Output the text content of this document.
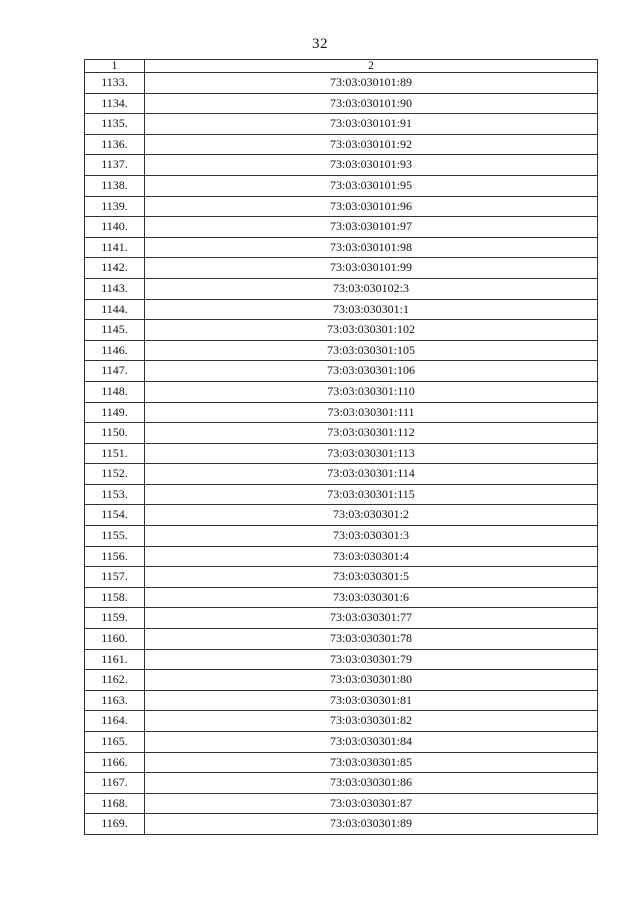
32
1	2
1133.	73:03:030101:89
1134.	73:03:030101:90
1135.	73:03:030101:91
1136.	73:03:030101:92
1137.	73:03:030101:93
1138.	73:03:030101:95
1139.	73:03:030101:96
1140.	73:03:030101:97
1141.	73:03:030101:98
1142.	73:03:030101:99
1143.	73:03:030102:3
1144.	73:03:030301:1
1145.	73:03:030301:102
1146.	73:03:030301:105
1147.	73:03:030301:106
1148.	73:03:030301:110
1149.	73:03:030301:111
1150.	73:03:030301:112
1151.	73:03:030301:113
1152.	73:03:030301:114
1153.	73:03:030301:115
1154.	73:03:030301:2
1155.	73:03:030301:3
1156.	73:03:030301:4
1157.	73:03:030301:5
1158.	73:03:030301:6
1159.	73:03:030301:77
1160.	73:03:030301:78
1161.	73:03:030301:79
1162.	73:03:030301:80
1163.	73:03:030301:81
1164.	73:03:030301:82
1165.	73:03:030301:84
1166.	73:03:030301:85
1167.	73:03:030301:86
1168.	73:03:030301:87
1169.	73:03:030301:89
